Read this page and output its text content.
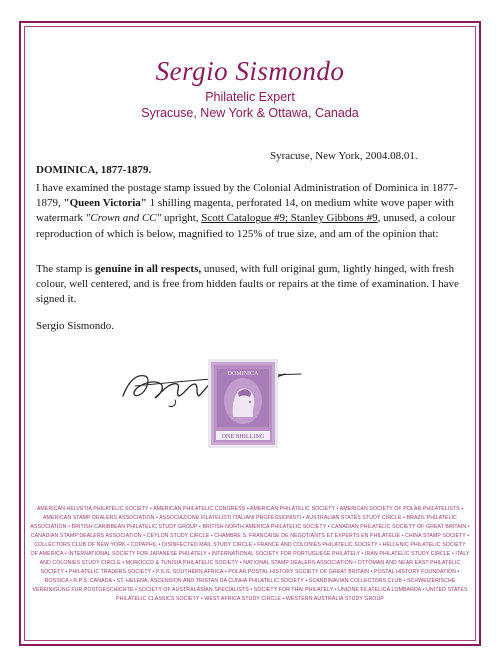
Sergio Sismondo
Philatelic Expert
Syracuse, New York & Ottawa, Canada
Syracuse, New York, 2004.08.01.
DOMINICA, 1877-1879.
I have examined the postage stamp issued by the Colonial Administration of Dominica in 1877-1879, "Queen Victoria" 1 shilling magenta, perforated 14, on medium white wove paper with watermark "Crown and CC" upright, Scott Catalogue #9; Stanley Gibbons #9, unused, a colour reproduction of which is below, magnified to 125% of true size, and am of the opinion that:
The stamp is genuine in all respects, unused, with full original gum, lightly hinged, with fresh colour, well centered, and is free from hidden faults or repairs at the time of examination. I have signed it.
Sergio Sismondo.
DOMINICA
ONE SHILLING
AMERICAN HELVETIA PHILATELIC SOCIETY • AMERICAN PHILATELIC CONGRESS • AMERICAN PHILATELIC SOCIETY • AMERICAN SOCIETY OF POLAR PHILATELISTS • AMERICAN STAMP DEALERS ASSOCIATION • ASSOCIAZIONE FILATELISTI ITALIANI PROFESSIONISTI • AUSTRALIAN STATES STUDY CIRCLE • BRAZIL PHILATELIC ASSOCIATION • BRITISH CARIBBEAN PHILATELIC STUDY GROUP • BRITISH NORTH AMERICA PHILATELIC SOCIETY • CANADIAN PHILATELIC SOCIETY OF GREAT BRITAIN • CANADIAN STAMP DEALERS ASSOCIATION • CEYLON STUDY CIRCLE • CHAMBRE S. FRANCAISE DE NEGOTIANTS ET EXPERTS EN PHILATELIE • CHINA STAMP SOCIETY • COLLECTORS CLUB OF NEW YORK • COPAPHIL • DISINFECTED MAIL STUDY CIRCLE • FRANCE AND COLONIES PHILATELIC SOCIETY • HELLENIC PHILATELIC SOCIETY OF AMERICA • INTERNATIONAL SOCIETY FOR JAPANESE PHILATELY • INTERNATIONAL SOCIETY FOR PORTUGUESE PHILATELY • IRAN PHILATELIC STUDY CIRCLE • ITALY AND COLONIES STUDY CIRCLE • MOROCCO & TUNISIA PHILATELIC SOCIETY • NATIONAL STAMP DEALERS ASSOCIATION • OTTOMAN AND NEAR EAST PHILATELIC SOCIETY • PHILATELIC TRADERS SOCIETY • P.S.G. SOUTHERN AFRICA • POLAR POSTAL HISTORY SOCIETY OF GREAT BRITAIN • POSTAL HISTORY FOUNDATION • ROSSICA • R.P.S. CANADA • ST. HELENA, ASCENSION AND TRISTAN DA CUNHA PHILATELIC SOCIETY • SCANDINAVIAN COLLECTORS CLUB • SCHWEIZERISCHE VEREINIGUNG FUR POSTGESCHICHTE • SOCIETY OF AUSTRALASIAN SPECIALISTS • SOCIETY FOR THAI PHILATELY • UNIONE FILATELICA LOMBARDA • UNITED STATES PHILATELIC CLASSICS SOCIETY • WEST AFRICA STUDY CIRCLE • WESTERN AUSTRALIA STUDY GROUP
